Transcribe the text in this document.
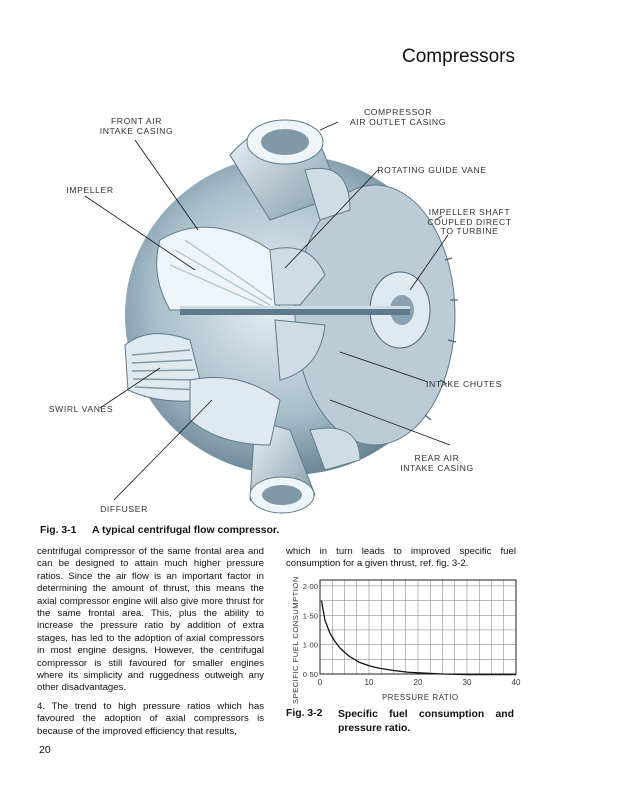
Compressors
FRONT AIR
INTAKE CASING
COMPRESSOR
AIR OUTLET CASING
ROTATING GUIDE VANE
IMPELLER
IMPELLER SHAFT
COUPLED DIRECT
TO TURBINE
INTAKE CHUTES
SWIRL VANES
REAR AIR
INTAKE CASING
DIFFUSER
Fig. 3-1 A typical centrifugal flow compressor.

centrifugal compressor of the same frontal area and can be designed to attain much higher pressure ratios. Since the air flow is an important factor in determining the amount of thrust, this means the axial compressor engine will also give more thrust for the same frontal area. This, plus the ability to increase the pressure ratio by addition of extra stages, has led to the adoption of axial compressors in most engine designs. However, the centrifugal compressor is still favoured for smaller engines where its simplicity and ruggedness outweigh any other disadvantages.

4. The trend to high pressure ratios which has favoured the adoption of axial compressors is because of the improved efficiency that results,

which in turn leads to improved specific fuel consumption for a given thrust, ref. fig. 3-2.

SPECIFIC FUEL CONSUMPTION	PRESSURE RATIO
0	10	20	30	40
0·50
1·00
1·50
2·00
Fig. 3-2 Specific fuel consumption and pressure ratio.
20
